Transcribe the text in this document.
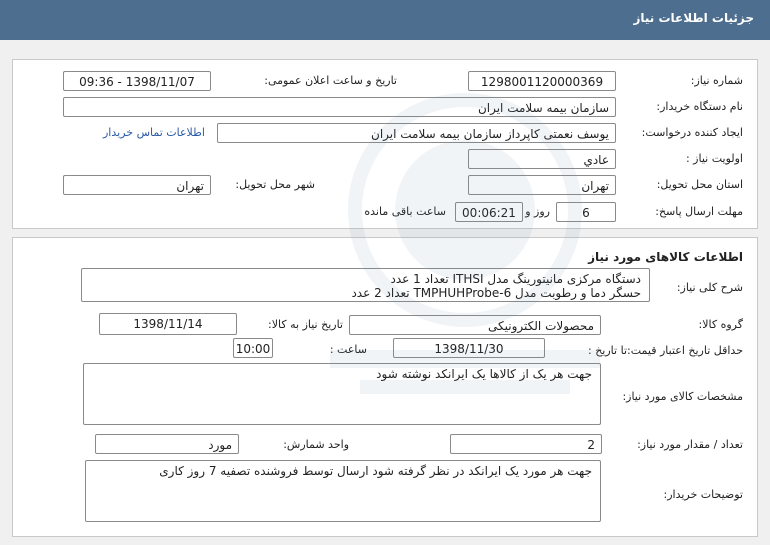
جزئیات اطلاعات نیاز
شماره نیاز:
1298001120000369
تاریخ و ساعت اعلان عمومی:
1398/11/07 - 09:36
نام دستگاه خریدار:
سازمان بیمه سلامت ایران
ایجاد کننده درخواست:
یوسف نعمتی کاپرداز سازمان بیمه سلامت ایران
اطلاعات تماس خریدار
اولویت نیاز :
عادي
استان محل تحویل:
تهران
شهر محل تحویل:
تهران
مهلت ارسال پاسخ:
6
روز و
00:06:21
ساعت باقی مانده
اطلاعات کالاهای مورد نیاز
شرح کلی نیاز:
دستگاه مرکزی مانیتورینگ مدل ITHSI تعداد 1 عدد
حسگر دما و رطوبت مدل TMPHUHProbe-6 تعداد 2 عدد
گروه کالا:
محصولات الکترونیکی
تاریخ نیاز به کالا:
1398/11/14
حداقل تاریخ اعتبار قیمت:
تا تاریخ :
1398/11/30
ساعت :
10:00
مشخصات کالای مورد نیاز:
جهت هر یک از کالاها یک ایرانکد نوشته شود
تعداد / مقدار مورد نیاز:
2
واحد شمارش:
مورد
توضیحات خریدار:
جهت هر مورد یک ایرانکد در نظر گرفته شود ارسال توسط فروشنده تصفیه 7 روز کاری
